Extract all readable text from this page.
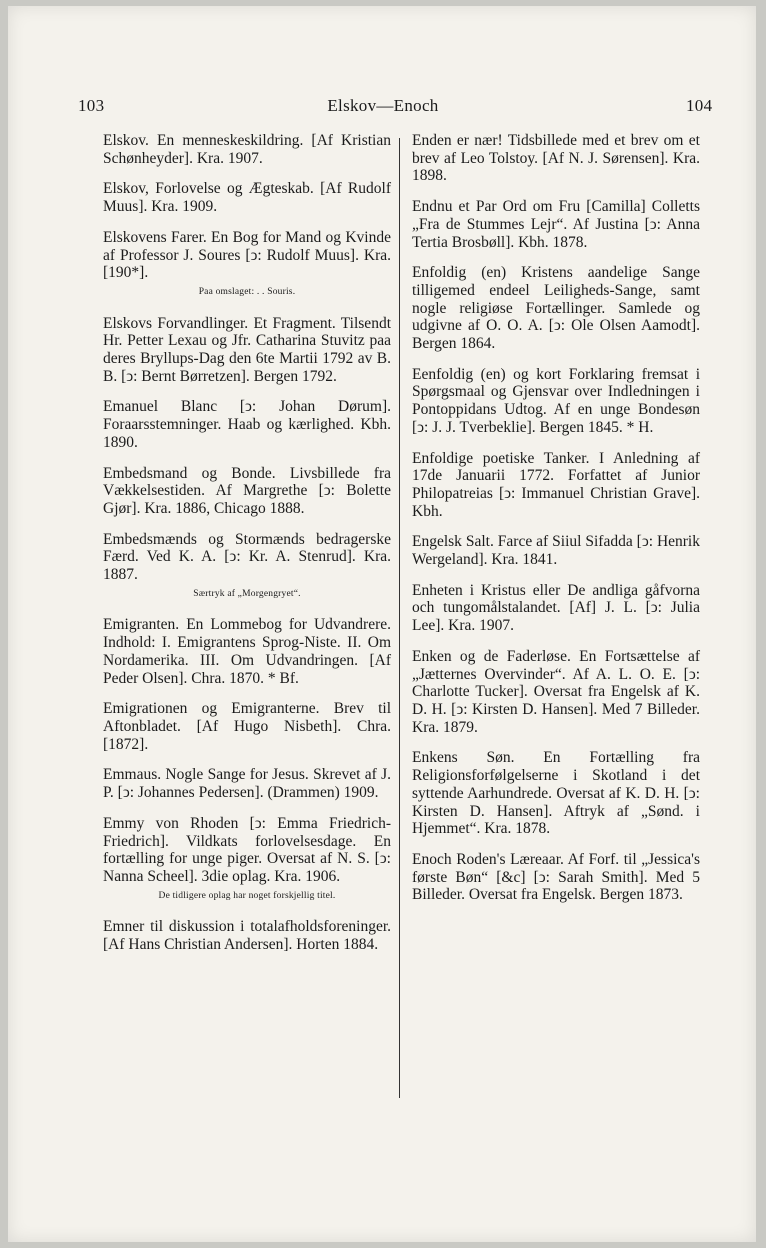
103	Elskov—Enoch	104
Elskov. En menneskeskildring. [Af Kristian Schønheyder]. Kra. 1907.
Elskov, Forlovelse og Ægteskab. [Af Rudolf Muus]. Kra. 1909.
Elskovens Farer. En Bog for Mand og Kvinde af Professor J. Soures [ↄ: Rudolf Muus]. Kra. [190*].
Paa omslaget: . . Souris.
Elskovs Forvandlinger. Et Fragment. Tilsendt Hr. Petter Lexau og Jfr. Catharina Stuvitz paa deres Bryllups-Dag den 6te Martii 1792 av B. B. [ↄ: Bernt Børretzen]. Bergen 1792.
Emanuel Blanc [ↄ: Johan Dørum]. Foraarsstemninger. Haab og kærlighed. Kbh. 1890.
Embedsmand og Bonde. Livsbillede fra Vækkelsestiden. Af Margrethe [ↄ: Bolette Gjør]. Kra. 1886, Chicago 1888.
Embedsmænds og Stormænds bedragerske Færd. Ved K. A. [ↄ: Kr. A. Stenrud]. Kra. 1887.
Særtryk af „Morgengryet“.
Emigranten. En Lommebog for Udvandrere. Indhold: I. Emigrantens Sprog-Niste. II. Om Nordamerika. III. Om Udvandringen. [Af Peder Olsen]. Chra. 1870. * Bf.
Emigrationen og Emigranterne. Brev til Aftonbladet. [Af Hugo Nisbeth]. Chra. [1872].
Emmaus. Nogle Sange for Jesus. Skrevet af J. P. [ↄ: Johannes Pedersen]. (Drammen) 1909.
Emmy von Rhoden [ↄ: Emma Friedrich-Friedrich]. Vildkats forlovelsesdage. En fortælling for unge piger. Oversat af N. S. [ↄ: Nanna Scheel]. 3die oplag. Kra. 1906.
De tidligere oplag har noget forskjellig titel.
Emner til diskussion i totalafholdsforeninger. [Af Hans Christian Andersen]. Horten 1884.
Enden er nær! Tidsbillede med et brev om et brev af Leo Tolstoy. [Af N. J. Sørensen]. Kra. 1898.
Endnu et Par Ord om Fru [Camilla] Colletts „Fra de Stummes Lejr“. Af Justina [ↄ: Anna Tertia Brosbøll]. Kbh. 1878.
Enfoldig (en) Kristens aandelige Sange tilligemed endeel Leiligheds-Sange, samt nogle religiøse Fortællinger. Samlede og udgivne af O. O. A. [ↄ: Ole Olsen Aamodt]. Bergen 1864.
Eenfoldig (en) og kort Forklaring fremsat i Spørgsmaal og Gjensvar over Indledningen i Pontoppidans Udtog. Af en unge Bondesøn [ↄ: J. J. Tverbeklie]. Bergen 1845. * H.
Enfoldige poetiske Tanker. I Anledning af 17de Januarii 1772. Forfattet af Junior Philopatreias [ↄ: Immanuel Christian Grave]. Kbh.
Engelsk Salt. Farce af Siiul Sifadda [ↄ: Henrik Wergeland]. Kra. 1841.
Enheten i Kristus eller De andliga gåfvorna och tungomålstalandet. [Af] J. L. [ↄ: Julia Lee]. Kra. 1907.
Enken og de Faderløse. En Fortsættelse af „Jætternes Overvinder“. Af A. L. O. E. [ↄ: Charlotte Tucker]. Oversat fra Engelsk af K. D. H. [ↄ: Kirsten D. Hansen]. Med 7 Billeder. Kra. 1879.
Enkens Søn. En Fortælling fra Religionsforfølgelserne i Skotland i det syttende Aarhundrede. Oversat af K. D. H. [ↄ: Kirsten D. Hansen]. Aftryk af „Sønd. i Hjemmet“. Kra. 1878.
Enoch Roden's Læreaar. Af Forf. til „Jessica's første Bøn“ [&c] [ↄ: Sarah Smith]. Med 5 Billeder. Oversat fra Engelsk. Bergen 1873.
